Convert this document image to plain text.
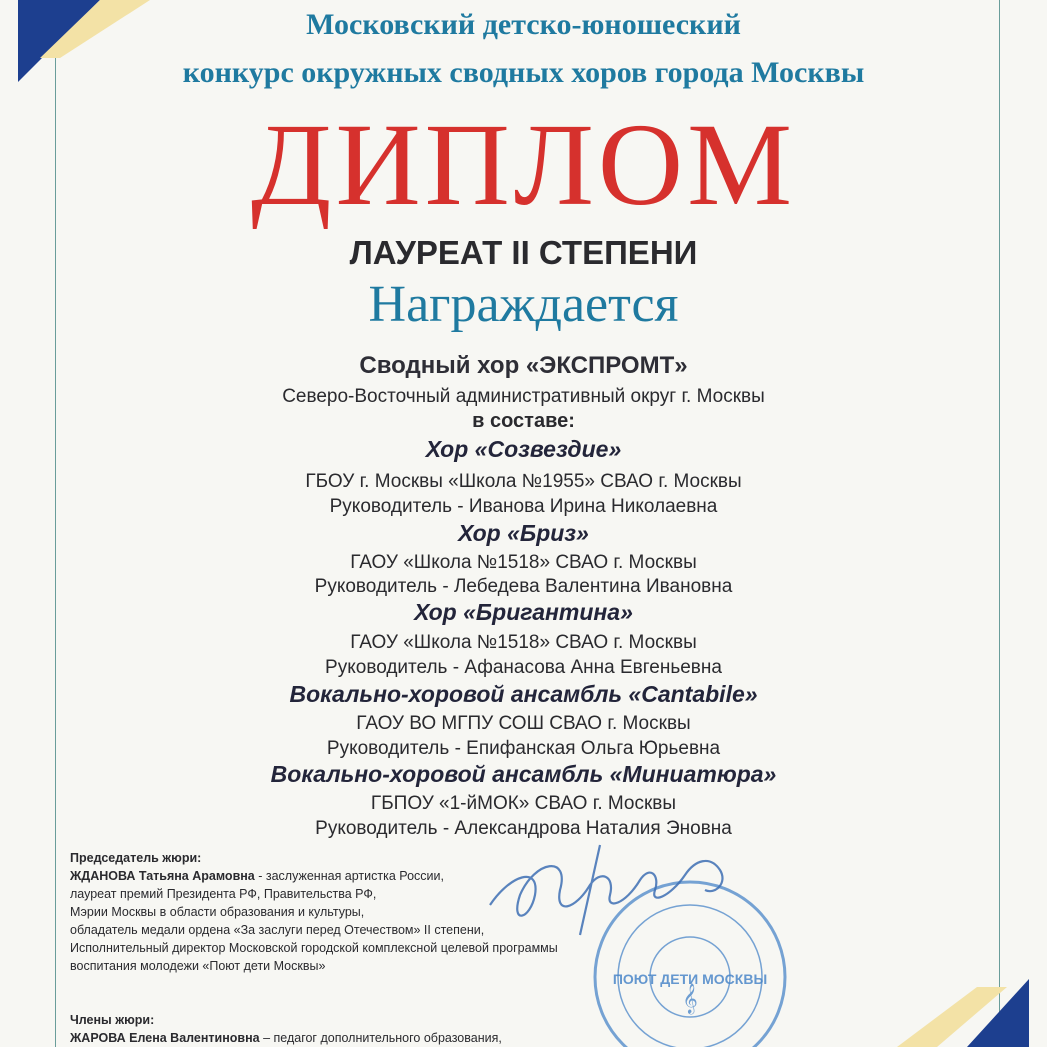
Московский детско-юношеский
конкурс окружных сводных хоров города Москвы
ДИПЛОМ
ЛАУРЕАТ II СТЕПЕНИ
Награждается
Сводный хор «ЭКСПРОМТ»
Северо-Восточный административный округ г. Москвы
в составе:
Хор «Созвездие»
ГБОУ г. Москвы «Школа №1955» СВАО г. Москвы
Руководитель - Иванова Ирина Николаевна
Хор «Бриз»
ГАОУ «Школа №1518» СВАО г. Москвы
Руководитель - Лебедева Валентина Ивановна
Хор «Бригантина»
ГАОУ «Школа №1518» СВАО г. Москвы
Руководитель - Афанасова Анна Евгеньевна
Вокально-хоровой ансамбль «Cantabile»
ГАОУ ВО МГПУ СОШ СВАО г. Москвы
Руководитель - Епифанская Ольга Юрьевна
Вокально-хоровой ансамбль «Миниатюра»
ГБПОУ «1-йМОК» СВАО г. Москвы
Руководитель - Александрова Наталия Эновна
Председатель жюри:
ЖДАНОВА Татьяна Арамовна - заслуженная артистка России,
лауреат премий Президента РФ, Правительства РФ,
Мэрии Москвы в области образования и культуры,
обладатель медали ордена «За заслуги перед Отечеством» II степени,
Исполнительный директор Московской городской комплексной целевой программы
воспитания молодежи «Поют дети Москвы»
Члены жюри:
ЖАРОВА Елена Валентиновна – педагог дополнительного образования,
ПОЮТ ДЕТИ МОСКВЫ
𝄞
